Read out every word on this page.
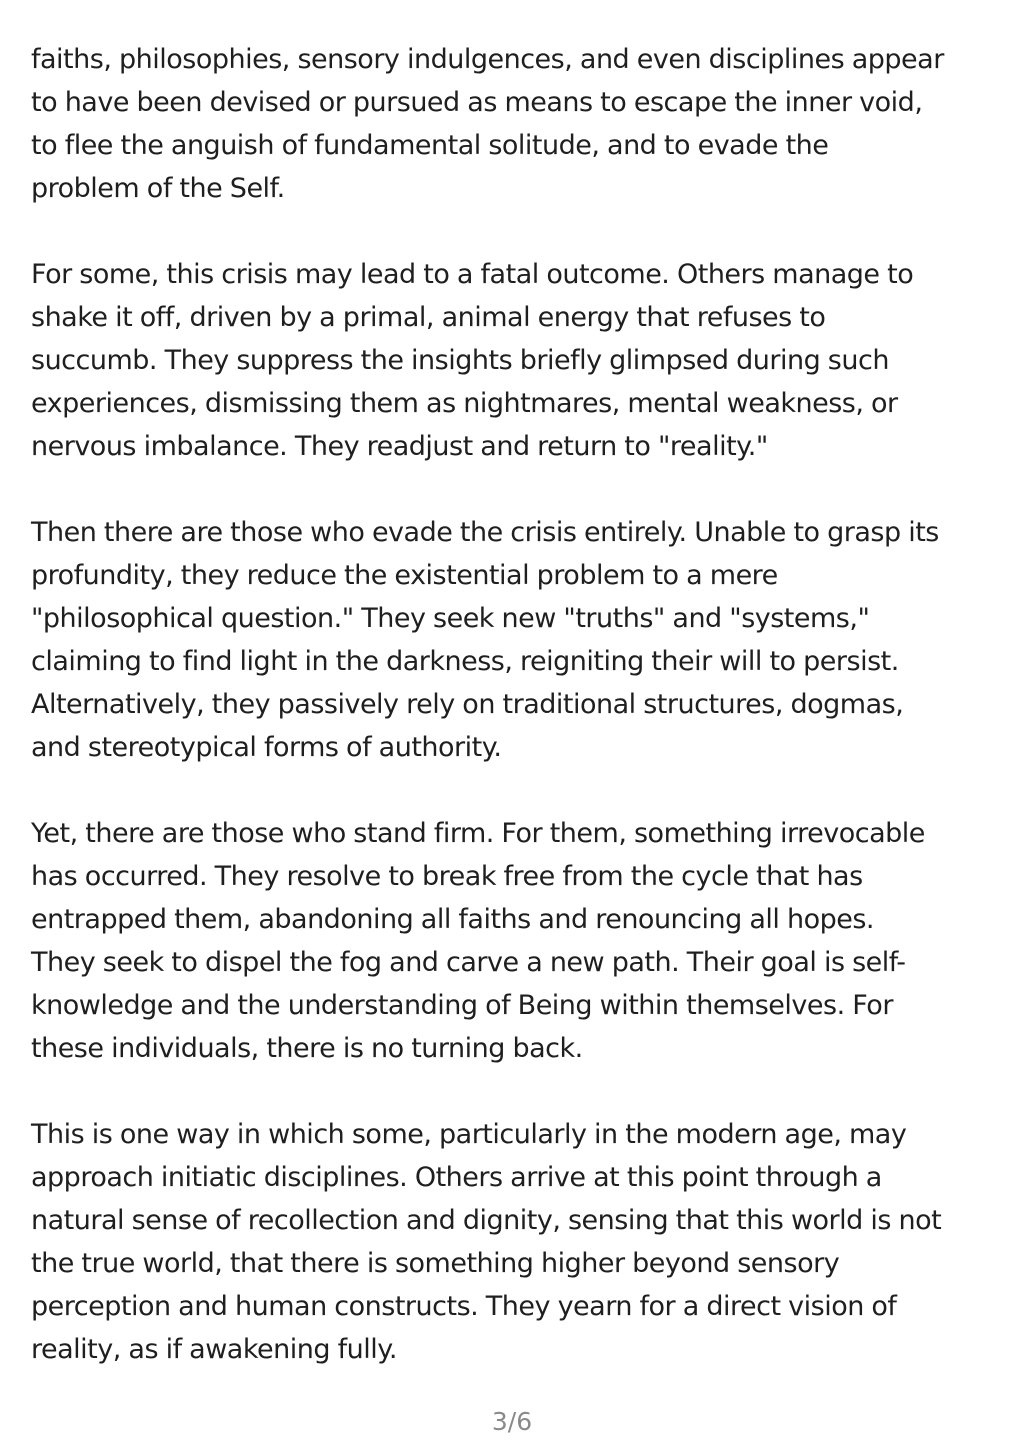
faiths, philosophies, sensory indulgences, and even disciplines appear
to have been devised or pursued as means to escape the inner void,
to flee the anguish of fundamental solitude, and to evade the
problem of the Self.

For some, this crisis may lead to a fatal outcome. Others manage to
shake it off, driven by a primal, animal energy that refuses to
succumb. They suppress the insights briefly glimpsed during such
experiences, dismissing them as nightmares, mental weakness, or
nervous imbalance. They readjust and return to "reality."

Then there are those who evade the crisis entirely. Unable to grasp its
profundity, they reduce the existential problem to a mere
"philosophical question." They seek new "truths" and "systems,"
claiming to find light in the darkness, reigniting their will to persist.
Alternatively, they passively rely on traditional structures, dogmas,
and stereotypical forms of authority.

Yet, there are those who stand firm. For them, something irrevocable
has occurred. They resolve to break free from the cycle that has
entrapped them, abandoning all faiths and renouncing all hopes.
They seek to dispel the fog and carve a new path. Their goal is self-
knowledge and the understanding of Being within themselves. For
these individuals, there is no turning back.

This is one way in which some, particularly in the modern age, may
approach initiatic disciplines. Others arrive at this point through a
natural sense of recollection and dignity, sensing that this world is not
the true world, that there is something higher beyond sensory
perception and human constructs. They yearn for a direct vision of
reality, as if awakening fully.

3/6
